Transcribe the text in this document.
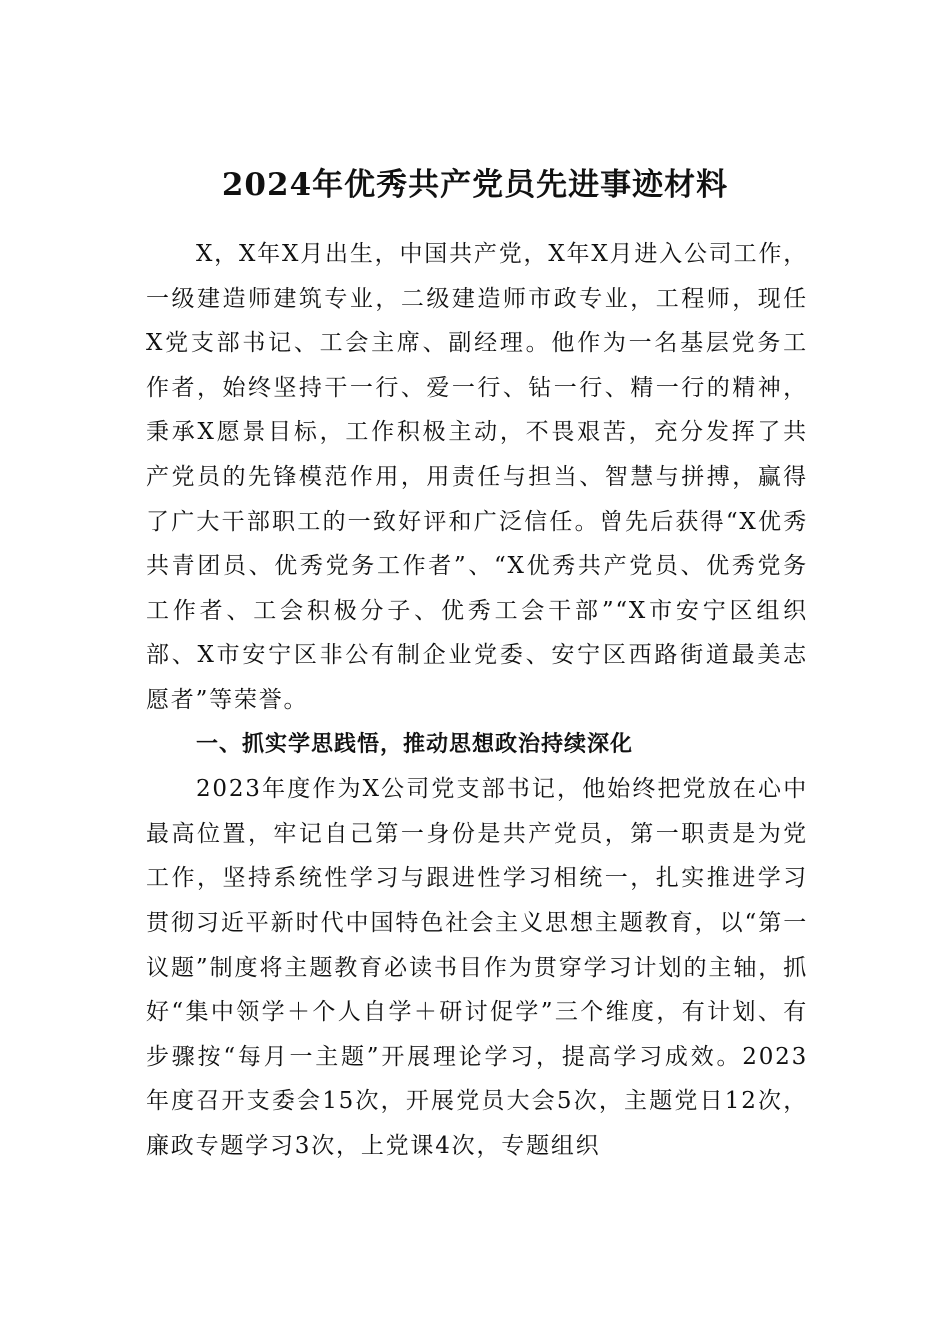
2024年优秀共产党员先进事迹材料

X，X年X月出生，中国共产党，X年X月进入公司工作，一级建造师建筑专业，二级建造师市政专业，工程师，现任X党支部书记、工会主席、副经理。他作为一名基层党务工作者，始终坚持干一行、爱一行、钻一行、精一行的精神，秉承X愿景目标，工作积极主动，不畏艰苦，充分发挥了共产党员的先锋模范作用，用责任与担当、智慧与拼搏，赢得了广大干部职工的一致好评和广泛信任。曾先后获得“X优秀共青团员、优秀党务工作者”、“X优秀共产党员、优秀党务工作者、工会积极分子、优秀工会干部”“X市安宁区组织部、X市安宁区非公有制企业党委、安宁区西路街道最美志愿者”等荣誉。

一、抓实学思践悟，推动思想政治持续深化

2023年度作为X公司党支部书记，他始终把党放在心中最高位置，牢记自己第一身份是共产党员，第一职责是为党工作，坚持系统性学习与跟进性学习相统一，扎实推进学习贯彻习近平新时代中国特色社会主义思想主题教育，以“第一议题”制度将主题教育必读书目作为贯穿学习计划的主轴，抓好“集中领学＋个人自学＋研讨促学”三个维度，有计划、有步骤按“每月一主题”开展理论学习，提高学习成效。2023年度召开支委会15次，开展党员大会5次，主题党日12次，廉政专题学习3次，上党课4次，专题组织
